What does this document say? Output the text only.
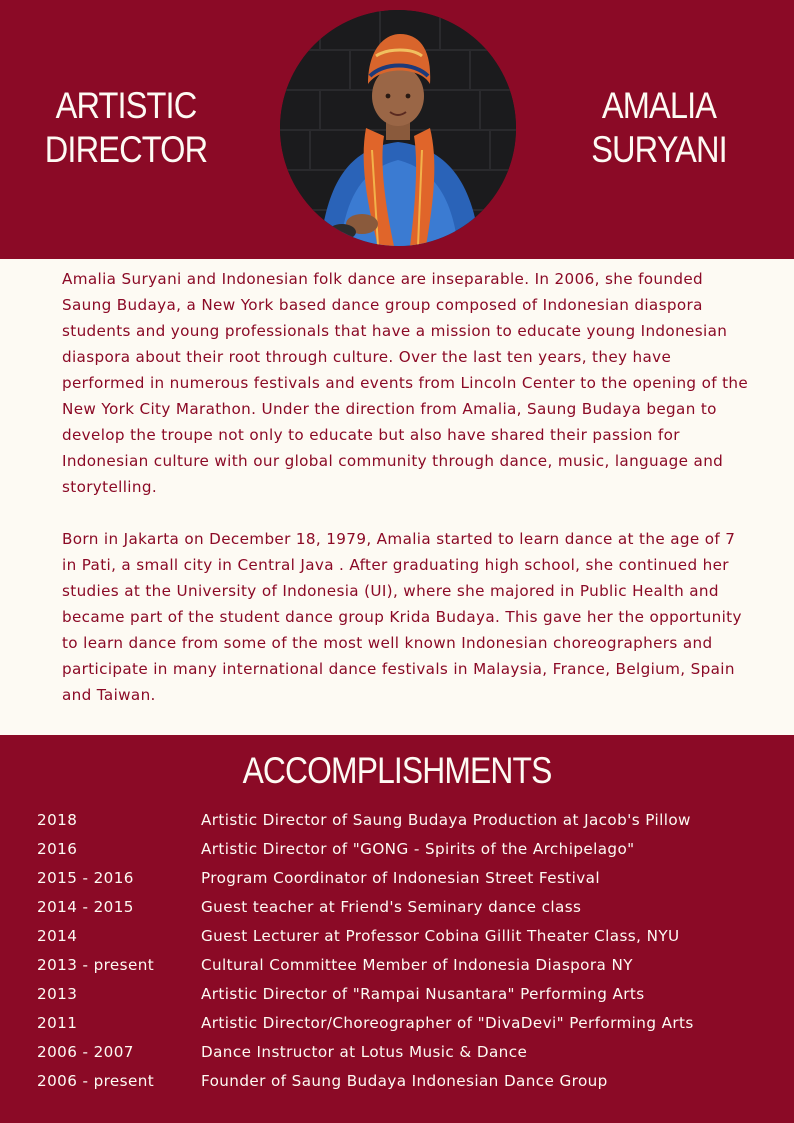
ARTISTIC
DIRECTOR
AMALIA
SURYANI

Amalia Suryani and Indonesian folk dance are inseparable. In 2006, she founded Saung Budaya, a New York based dance group composed of Indonesian diaspora students and young professionals that have a mission to educate young Indonesian diaspora about their root through culture. Over the last ten years, they have performed in numerous festivals and events from Lincoln Center to the opening of the New York City Marathon. Under the direction from Amalia, Saung Budaya began to develop the troupe not only to educate but also have shared their passion for Indonesian culture with our global community through dance, music, language and storytelling.

Born in Jakarta on December 18, 1979, Amalia started to learn dance at the age of 7 in Pati, a small city in Central Java . After graduating high school, she continued her studies at the University of Indonesia (UI), where she majored in Public Health and became part of the student dance group Krida Budaya. This gave her the opportunity to learn dance from some of the most well known Indonesian choreographers and participate in many international dance festivals in Malaysia, France, Belgium, Spain and Taiwan.

ACCOMPLISHMENTS
2018	Artistic Director of Saung Budaya Production at Jacob's Pillow
2016	Artistic Director of "GONG - Spirits of the Archipelago"
2015 - 2016	Program Coordinator of Indonesian Street Festival
2014 - 2015	Guest teacher at Friend's Seminary dance class
2014	Guest Lecturer at Professor Cobina Gillit Theater Class, NYU
2013 - present	Cultural Committee Member of Indonesia Diaspora NY
2013	Artistic Director of "Rampai Nusantara" Performing Arts
2011	Artistic Director/Choreographer of "DivaDevi" Performing Arts
2006 - 2007	Dance Instructor at Lotus Music & Dance
2006 - present	Founder of Saung Budaya Indonesian Dance Group
